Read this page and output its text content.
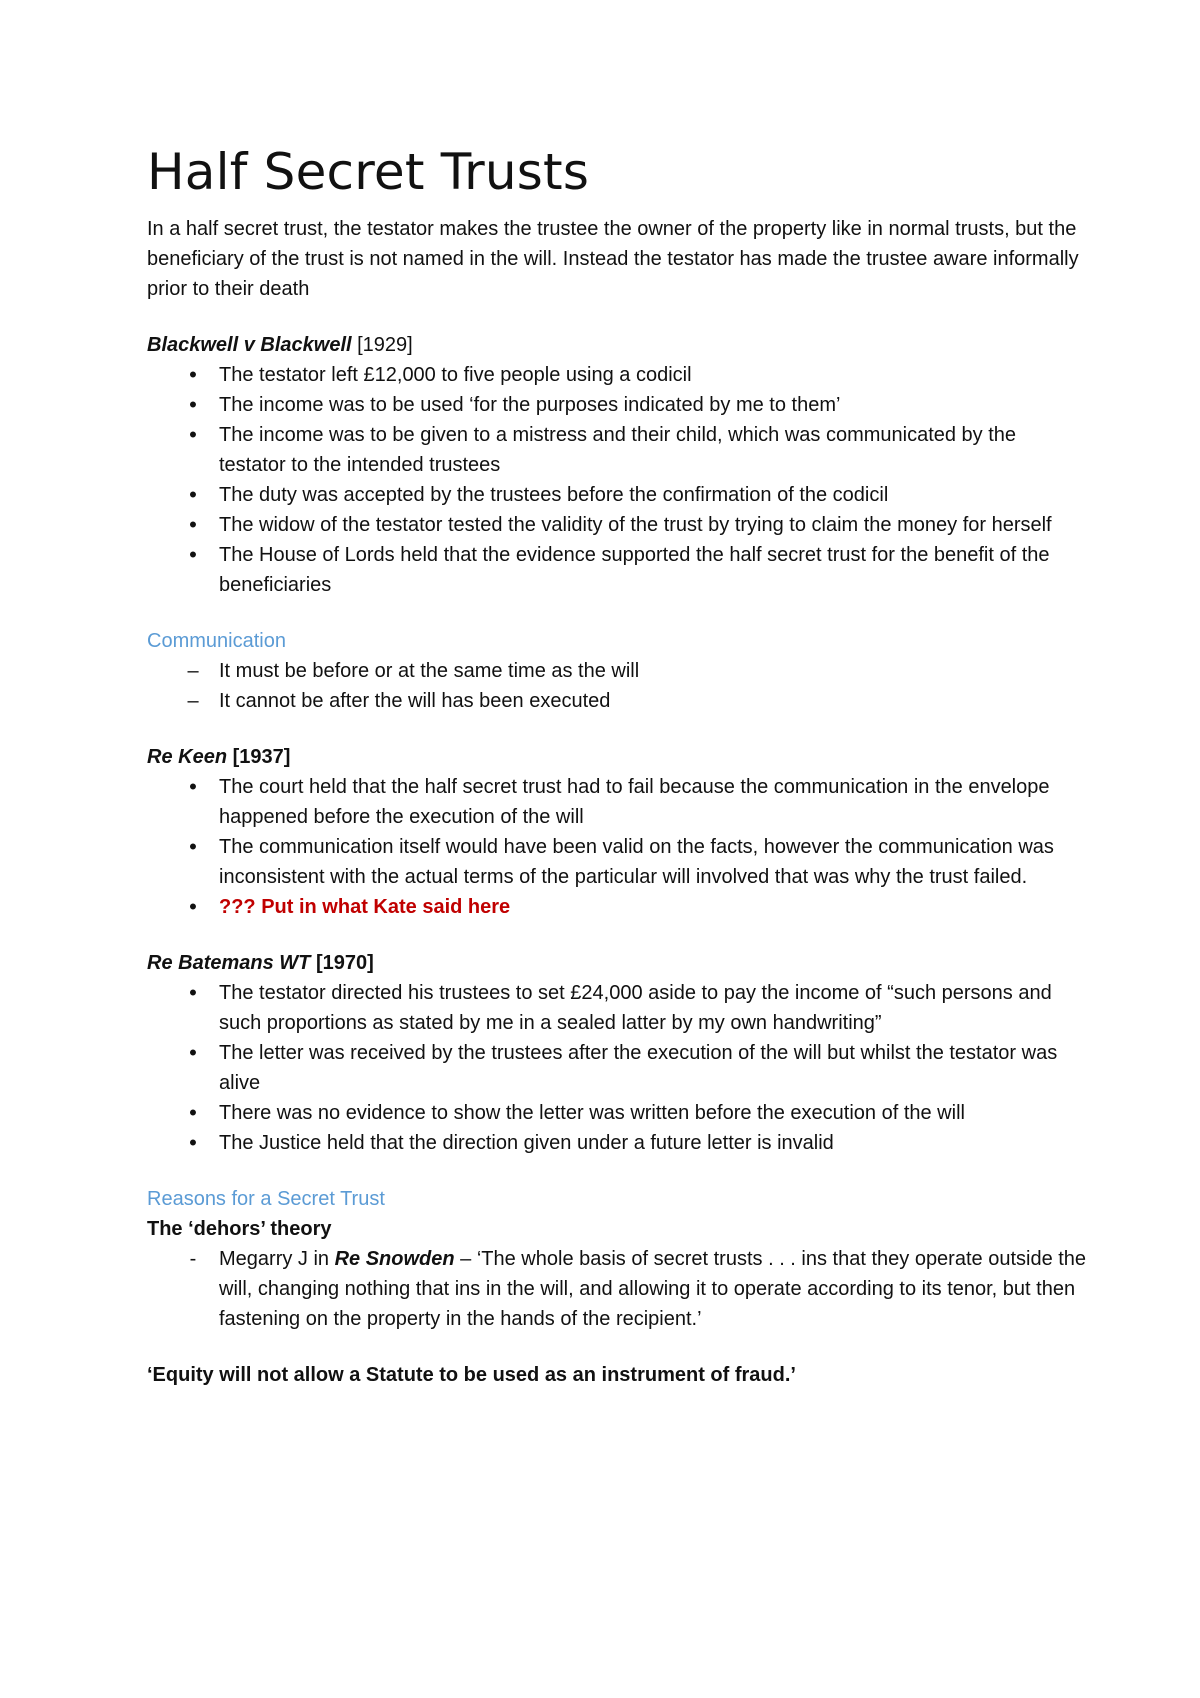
Half Secret Trusts

In a half secret trust, the testator makes the trustee the owner of the property like in normal trusts, but the beneficiary of the trust is not named in the will. Instead the testator has made the trustee aware informally prior to their death

Blackwell v Blackwell [1929]

•
The testator left £12,000 to five people using a codicil
•
The income was to be used ‘for the purposes indicated by me to them’
•
The income was to be given to a mistress and their child, which was communicated by the testator to the intended trustees
•
The duty was accepted by the trustees before the confirmation of the codicil
•
The widow of the testator tested the validity of the trust by trying to claim the money for herself
•
The House of Lords held that the evidence supported the half secret trust for the benefit of the beneficiaries

Communication

–
It must be before or at the same time as the will
–
It cannot be after the will has been executed

Re Keen [1937]

•
The court held that the half secret trust had to fail because the communication in the envelope happened before the execution of the will
•
The communication itself would have been valid on the facts, however the communication was inconsistent with the actual terms of the particular will involved that was why the trust failed.
•
??? Put in what Kate said here

Re Batemans WT [1970]

•
The testator directed his trustees to set £24,000 aside to pay the income of “such persons and such proportions as stated by me in a sealed latter by my own handwriting”
•
The letter was received by the trustees after the execution of the will but whilst the testator was alive
•
There was no evidence to show the letter was written before the execution of the will
•
The Justice held that the direction given under a future letter is invalid

Reasons for a Secret Trust

The ‘dehors’ theory

-
Megarry J in Re Snowden – ‘The whole basis of secret trusts . . . ins that they operate outside the will, changing nothing that ins in the will, and allowing it to operate according to its tenor, but then fastening on the property in the hands of the recipient.’

‘Equity will not allow a Statute to be used as an instrument of fraud.’
